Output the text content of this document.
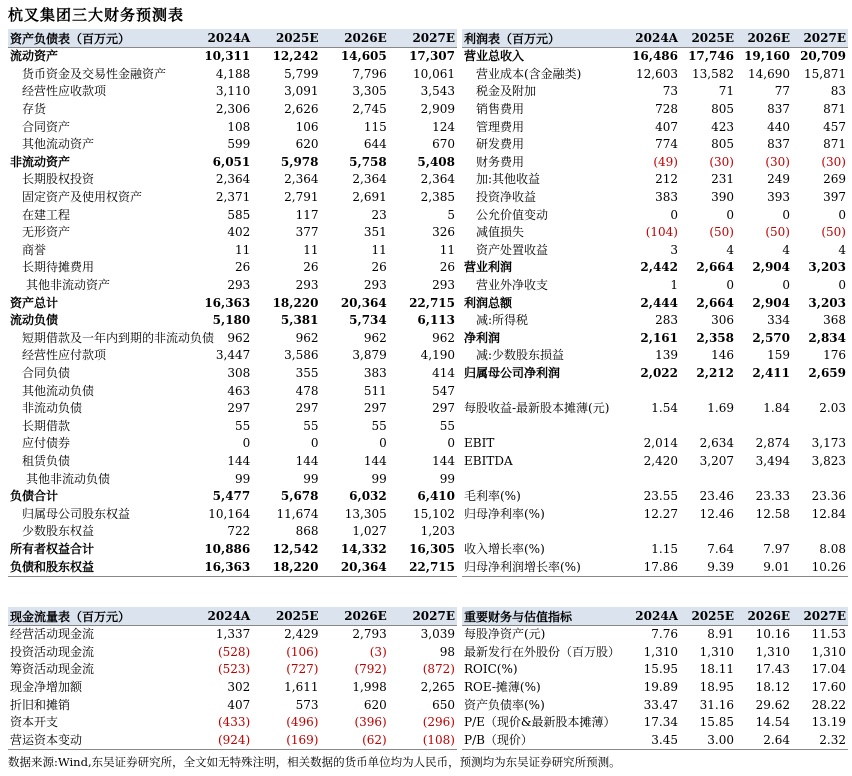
杭叉集团三大财务预测表
资产负债表（百万元）	2024A	2025E	2026E	2027E
流动资产	10,311	12,242	14,605	17,307
货币资金及交易性金融资产	4,188	5,799	7,796	10,061
经营性应收款项	3,110	3,091	3,305	3,543
存货	2,306	2,626	2,745	2,909
合同资产	108	106	115	124
其他流动资产	599	620	644	670
非流动资产	6,051	5,978	5,758	5,408
长期股权投资	2,364	2,364	2,364	2,364
固定资产及使用权资产	2,371	2,791	2,691	2,385
在建工程	585	117	23	5
无形资产	402	377	351	326
商誉	11	11	11	11
长期待摊费用	26	26	26	26
其他非流动资产	293	293	293	293
资产总计	16,363	18,220	20,364	22,715
流动负债	5,180	5,381	5,734	6,113
短期借款及一年内到期的非流动负债	962	962	962	962
经营性应付款项	3,447	3,586	3,879	4,190
合同负债	308	355	383	414
其他流动负债	463	478	511	547
非流动负债	297	297	297	297
长期借款	55	55	55	55
应付债券	0	0	0	0
租赁负债	144	144	144	144
其他非流动负债	99	99	99	99
负债合计	5,477	5,678	6,032	6,410
归属母公司股东权益	10,164	11,674	13,305	15,102
少数股东权益	722	868	1,027	1,203
所有者权益合计	10,886	12,542	14,332	16,305
负债和股东权益	16,363	18,220	20,364	22,715
利润表（百万元）	2024A	2025E	2026E	2027E
营业总收入	16,486	17,746	19,160	20,709
营业成本(含金融类)	12,603	13,582	14,690	15,871
税金及附加	73	71	77	83
销售费用	728	805	837	871
管理费用	407	423	440	457
研发费用	774	805	837	871
财务费用	(49)	(30)	(30)	(30)
加:其他收益	212	231	249	269
投资净收益	383	390	393	397
公允价值变动	0	0	0	0
减值损失	(104)	(50)	(50)	(50)
资产处置收益	3	4	4	4
营业利润	2,442	2,664	2,904	3,203
营业外净收支	1	0	0	0
利润总额	2,444	2,664	2,904	3,203
减:所得税	283	306	334	368
净利润	2,161	2,358	2,570	2,834
减:少数股东损益	139	146	159	176
归属母公司净利润	2,022	2,212	2,411	2,659

每股收益-最新股本摊薄(元)	1.54	1.69	1.84	2.03

EBIT	2,014	2,634	2,874	3,173
EBITDA	2,420	3,207	3,494	3,823

毛利率(%)	23.55	23.46	23.33	23.36
归母净利率(%)	12.27	12.46	12.58	12.84

收入增长率(%)	1.15	7.64	7.97	8.08
归母净利润增长率(%)	17.86	9.39	9.01	10.26
现金流量表（百万元）	2024A	2025E	2026E	2027E
经营活动现金流	1,337	2,429	2,793	3,039
投资活动现金流	(528)	(106)	(3)	98
筹资活动现金流	(523)	(727)	(792)	(872)
现金净增加额	302	1,611	1,998	2,265
折旧和摊销	407	573	620	650
资本开支	(433)	(496)	(396)	(296)
营运资本变动	(924)	(169)	(62)	(108)
重要财务与估值指标	2024A	2025E	2026E	2027E
每股净资产(元)	7.76	8.91	10.16	11.53
最新发行在外股份（百万股）	1,310	1,310	1,310	1,310
ROIC(%)	15.95	18.11	17.43	17.04
ROE-摊薄(%)	19.89	18.95	18.12	17.60
资产负债率(%)	33.47	31.16	29.62	28.22
P/E（现价&最新股本摊薄）	17.34	15.85	14.54	13.19
P/B（现价）	3.45	3.00	2.64	2.32
数据来源:Wind,东吴证券研究所，全文如无特殊注明，相关数据的货币单位均为人民币，预测均为东吴证券研究所预测。
